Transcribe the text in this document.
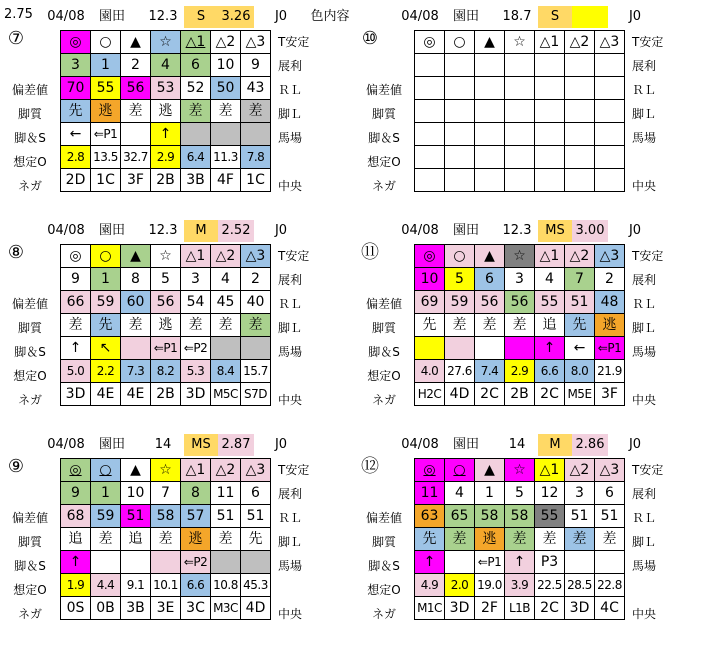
2.75 04/08	園田	12.3	S	3.26	J0	色内容
⑦
偏差値
脚質
脚＆S
想定O
ネガ
T安定
展利
ＲＬ
脚Ｌ
馬場
中央
◎	○	▲	☆	△1	△2	△3
3	1	2	4	6	10	9
70	55	56	53	52	50	43
先	逃	差	逃	差	差	差
←	⇐P1		↑			
2.8	13.5	32.7	2.9	6.4	11.3	7.8
2D	1C	3F	2B	3B	4F	1C
04/08	園田	18.7	S	J0
⑩
偏差値
脚質
脚＆S
想定O
ネガ
T安定
展利
ＲＬ
脚Ｌ
馬場
中央
◎	○	▲	☆	△1	△2	△3

04/08	園田	12.3	M	2.52	J0
⑧
偏差値
脚質
脚＆S
想定O
ネガ
T安定
展利
ＲＬ
脚Ｌ
馬場
中央
◎	○	▲	☆	△1	△2	△3
9	1	8	5	3	4	2
66	59	60	56	54	45	40
差	先	差	逃	差	差	差
↑	↖		⇐P1	⇐P2		
5.0	2.2	7.3	8.2	5.3	8.4	15.7
3D	4E	4E	2B	3D	M5C	S7D
04/08	園田	12.3	MS 3.00	J0
⑪
偏差値
脚質
脚＆S
想定O
ネガ
T安定
展利
ＲＬ
脚Ｌ
馬場
中央
◎	○	▲	☆	△1	△2	△3
10	5	6	3	4	7	2
69	59	56	56	55	51	48
先	差	差	差	追	先	逃
				↑	←	⇐P1
4.0	27.6	7.4	2.9	6.6	8.0	21.9
H2C	4D	2C	2B	2C	M5E	3F
04/08	園田	14	MS 2.87	J0
⑨
偏差値
脚質
脚＆S
想定O
ネガ
T安定
展利
ＲＬ
脚Ｌ
馬場
中央
◎	○	▲	☆	△1	△2	△3
9	1	10	7	8	11	6
68	59	51	58	57	51	51
追	差	追	差	逃	差	先
↑				⇐P2		
1.9	4.4	9.1	10.1	6.6	10.8	45.3
0S	0B	3B	3E	3C	M3C	4D
04/08	園田	14	M	2.86	J0
⑫
偏差値
脚質
脚＆S
想定O
ネガ
T安定
展利
ＲＬ
脚Ｌ
馬場
中央
◎	○	▲	☆	△1	△2	△3
11	4	1	5	12	3	6
63	65	58	58	55	51	51
先	差	逃	差	差	差	差
↑		⇐P1	↑	P3		
4.9	2.0	19.0	3.9	22.5	28.5	22.8
M1C	3D	2F	L1B	2C	3D	4C
